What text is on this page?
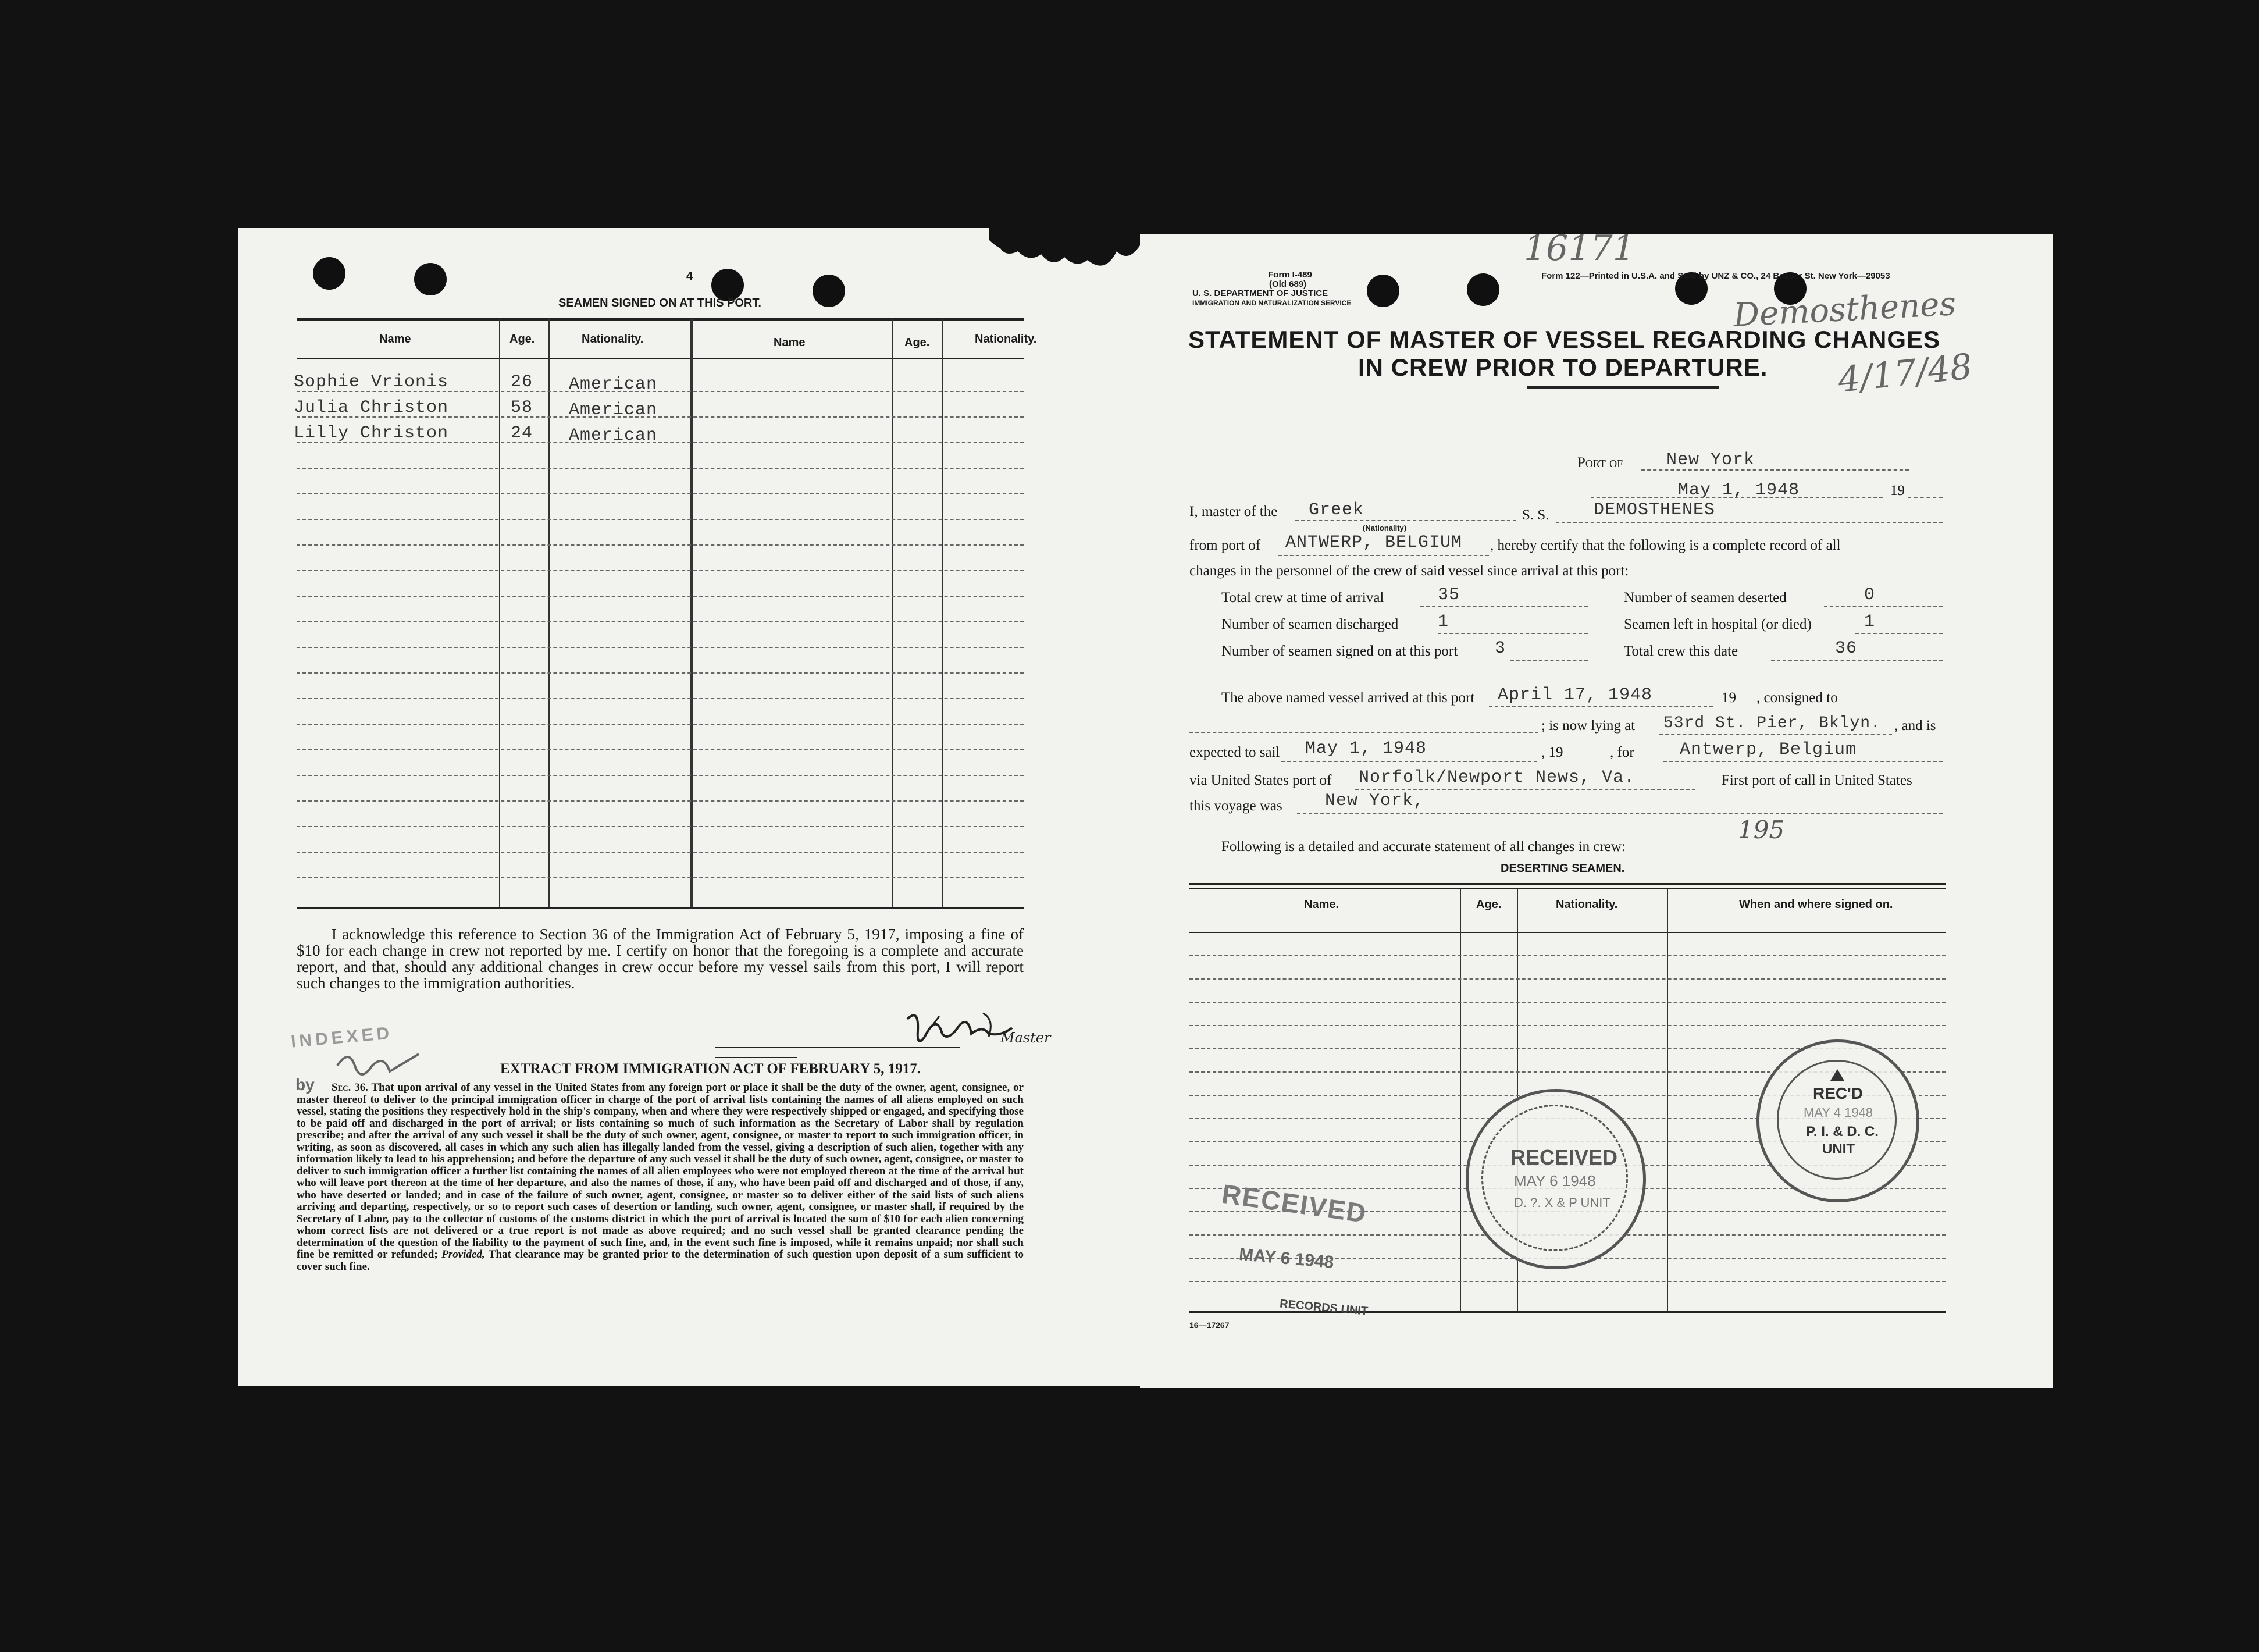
4
SEAMEN SIGNED ON AT THIS PORT.
Name	Age.	Nationality.	Name	Age.	Nationality.
Sophie Vrionis	26 American
Julia Christon	58 American
Lilly Christon	24 American
I acknowledge this reference to Section 36 of the Immigration Act of February 5, 1917, imposing a fine of $10 for each change in crew not reported by me. I certify on honor that the foregoing is a complete and accurate report, and that, should any additional changes in crew occur before my vessel sails from this port, I will report such changes to the immigration authorities.
Master
INDEXED
EXTRACT FROM IMMIGRATION ACT OF FEBRUARY 5, 1917.
by	Sec. 36. That upon arrival of any vessel in the United States from any foreign port or place it shall be the duty of the owner, agent, consignee, or master thereof to deliver to the principal immigration officer in charge of the port of arrival lists containing the names of all aliens employed on such vessel, stating the positions they respectively hold in the ship's company, when and where they were respectively shipped or engaged, and specifying those to be paid off and discharged in the port of arrival; or lists containing so much of such information as the Secretary of Labor shall by regulation prescribe; and after the arrival of any such vessel it shall be the duty of such owner, agent, consignee, or master to report to such immigration officer, in writing, as soon as discovered, all cases in which any such alien has illegally landed from the vessel, giving a description of such alien, together with any information likely to lead to his apprehension; and before the departure of any such vessel it shall be the duty of such owner, agent, consignee, or master to deliver to such immigration officer a further list containing the names of all alien employees who were not employed thereon at the time of the arrival but who will leave port thereon at the time of her departure, and also the names of those, if any, who have been paid off and discharged and of those, if any, who have deserted or landed; and in case of the failure of such owner, agent, consignee, or master so to deliver either of the said lists of such aliens arriving and departing, respectively, or so to report such cases of desertion or landing, such owner, agent, consignee, or master shall, if required by the Secretary of Labor, pay to the collector of customs of the customs district in which the port of arrival is located the sum of $10 for each alien concerning whom correct lists are not delivered or a true report is not made as above required; and no such vessel shall be granted clearance pending the determination of the question of the liability to the payment of such fine, and, in the event such fine is imposed, while it remains unpaid; nor shall such fine be remitted or refunded; Provided, That clearance may be granted prior to the determination of such question upon deposit of a sum sufficient to cover such fine.
Form I-489
(Old 689)
U. S. DEPARTMENT OF JUSTICE
IMMIGRATION AND NATURALIZATION SERVICE
Form 122—Printed in U.S.A. and Sold by UNZ & CO., 24 Beaver St. New York—29053
16171
Demosthenes
4/17/48
STATEMENT OF MASTER OF VESSEL REGARDING CHANGES
IN CREW PRIOR TO DEPARTURE.
Port of New York
May 1, 1948	19
I, master of the Greek
(Nationality)
S. S.	DEMOSTHENES
from port of ANTWERP, BELGIUM , hereby certify that the following is a complete record of all
changes in the personnel of the crew of said vessel since arrival at this port:
Total crew at time of arrival	35	Number of seamen deserted	0
Number of seamen discharged 1	Seamen left in hospital (or died)	1
Number of seamen signed on at this port 3	Total crew this date	36
The above named vessel arrived at this port April 17, 1948	19 , consigned to
; is now lying at 53rd St. Pier, Bklyn. , and is
expected to sail May 1, 1948	, 19	, for	Antwerp, Belgium
via United States port of Norfolk/Newport News, Va.	First port of call in United States
this voyage was New York,
195
Following is a detailed and accurate statement of all changes in crew:
DESERTING SEAMEN.
Name.	Age.	Nationality.	When and where signed on.
RECEIVED
MAY 6 1948
D. ?. X & P UNIT
RECEIVED
MAY 6 1948
RECORDS UNIT
REC'D
MAY 4 1948
P. I. & D. C.
UNIT
16—17267
